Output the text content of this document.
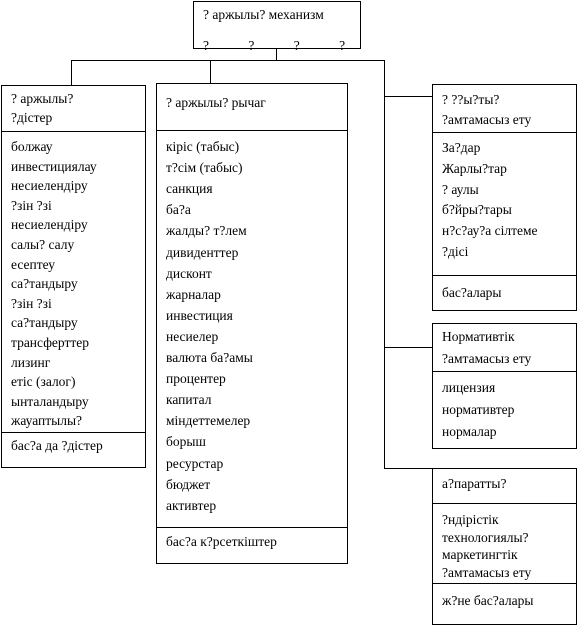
? аржылы? механизм
? ? ? ?
? аржылы?
?дістер
болжау
инвестициялау
несиелендіру
?зін ?зі
несиелендіру
салы? салу
есептеу
са?тандыру
?зін ?зі
са?тандыру
трансферттер
лизинг
етіс (залог)
ынталандыру
жауаптылы?
бас?а да ?дістер
? аржылы? рычаг
кіріс (табыс)
т?сім (табыс)
санкция
ба?а
жалды? т?лем
дивиденттер
дисконт
жарналар
инвестиция
несиелер
валюта ба?амы
процентер
капитал
міндеттемелер
борыш
ресурстар
бюджет
активтер
бас?а к?рсеткіштер
? ??ы?ты?
?амтамасыз ету
За?дар
Жарлы?тар
? аулы
б?йры?тары
н?с?ау?а сілтеме
?дісі
бас?алары
Нормативтік
?амтамасыз ету
лицензия
нормативтер
нормалар
а?паратты?
?ндірістік
технологиялы?
маркетингтік
?амтамасыз ету
ж?не бас?алары
